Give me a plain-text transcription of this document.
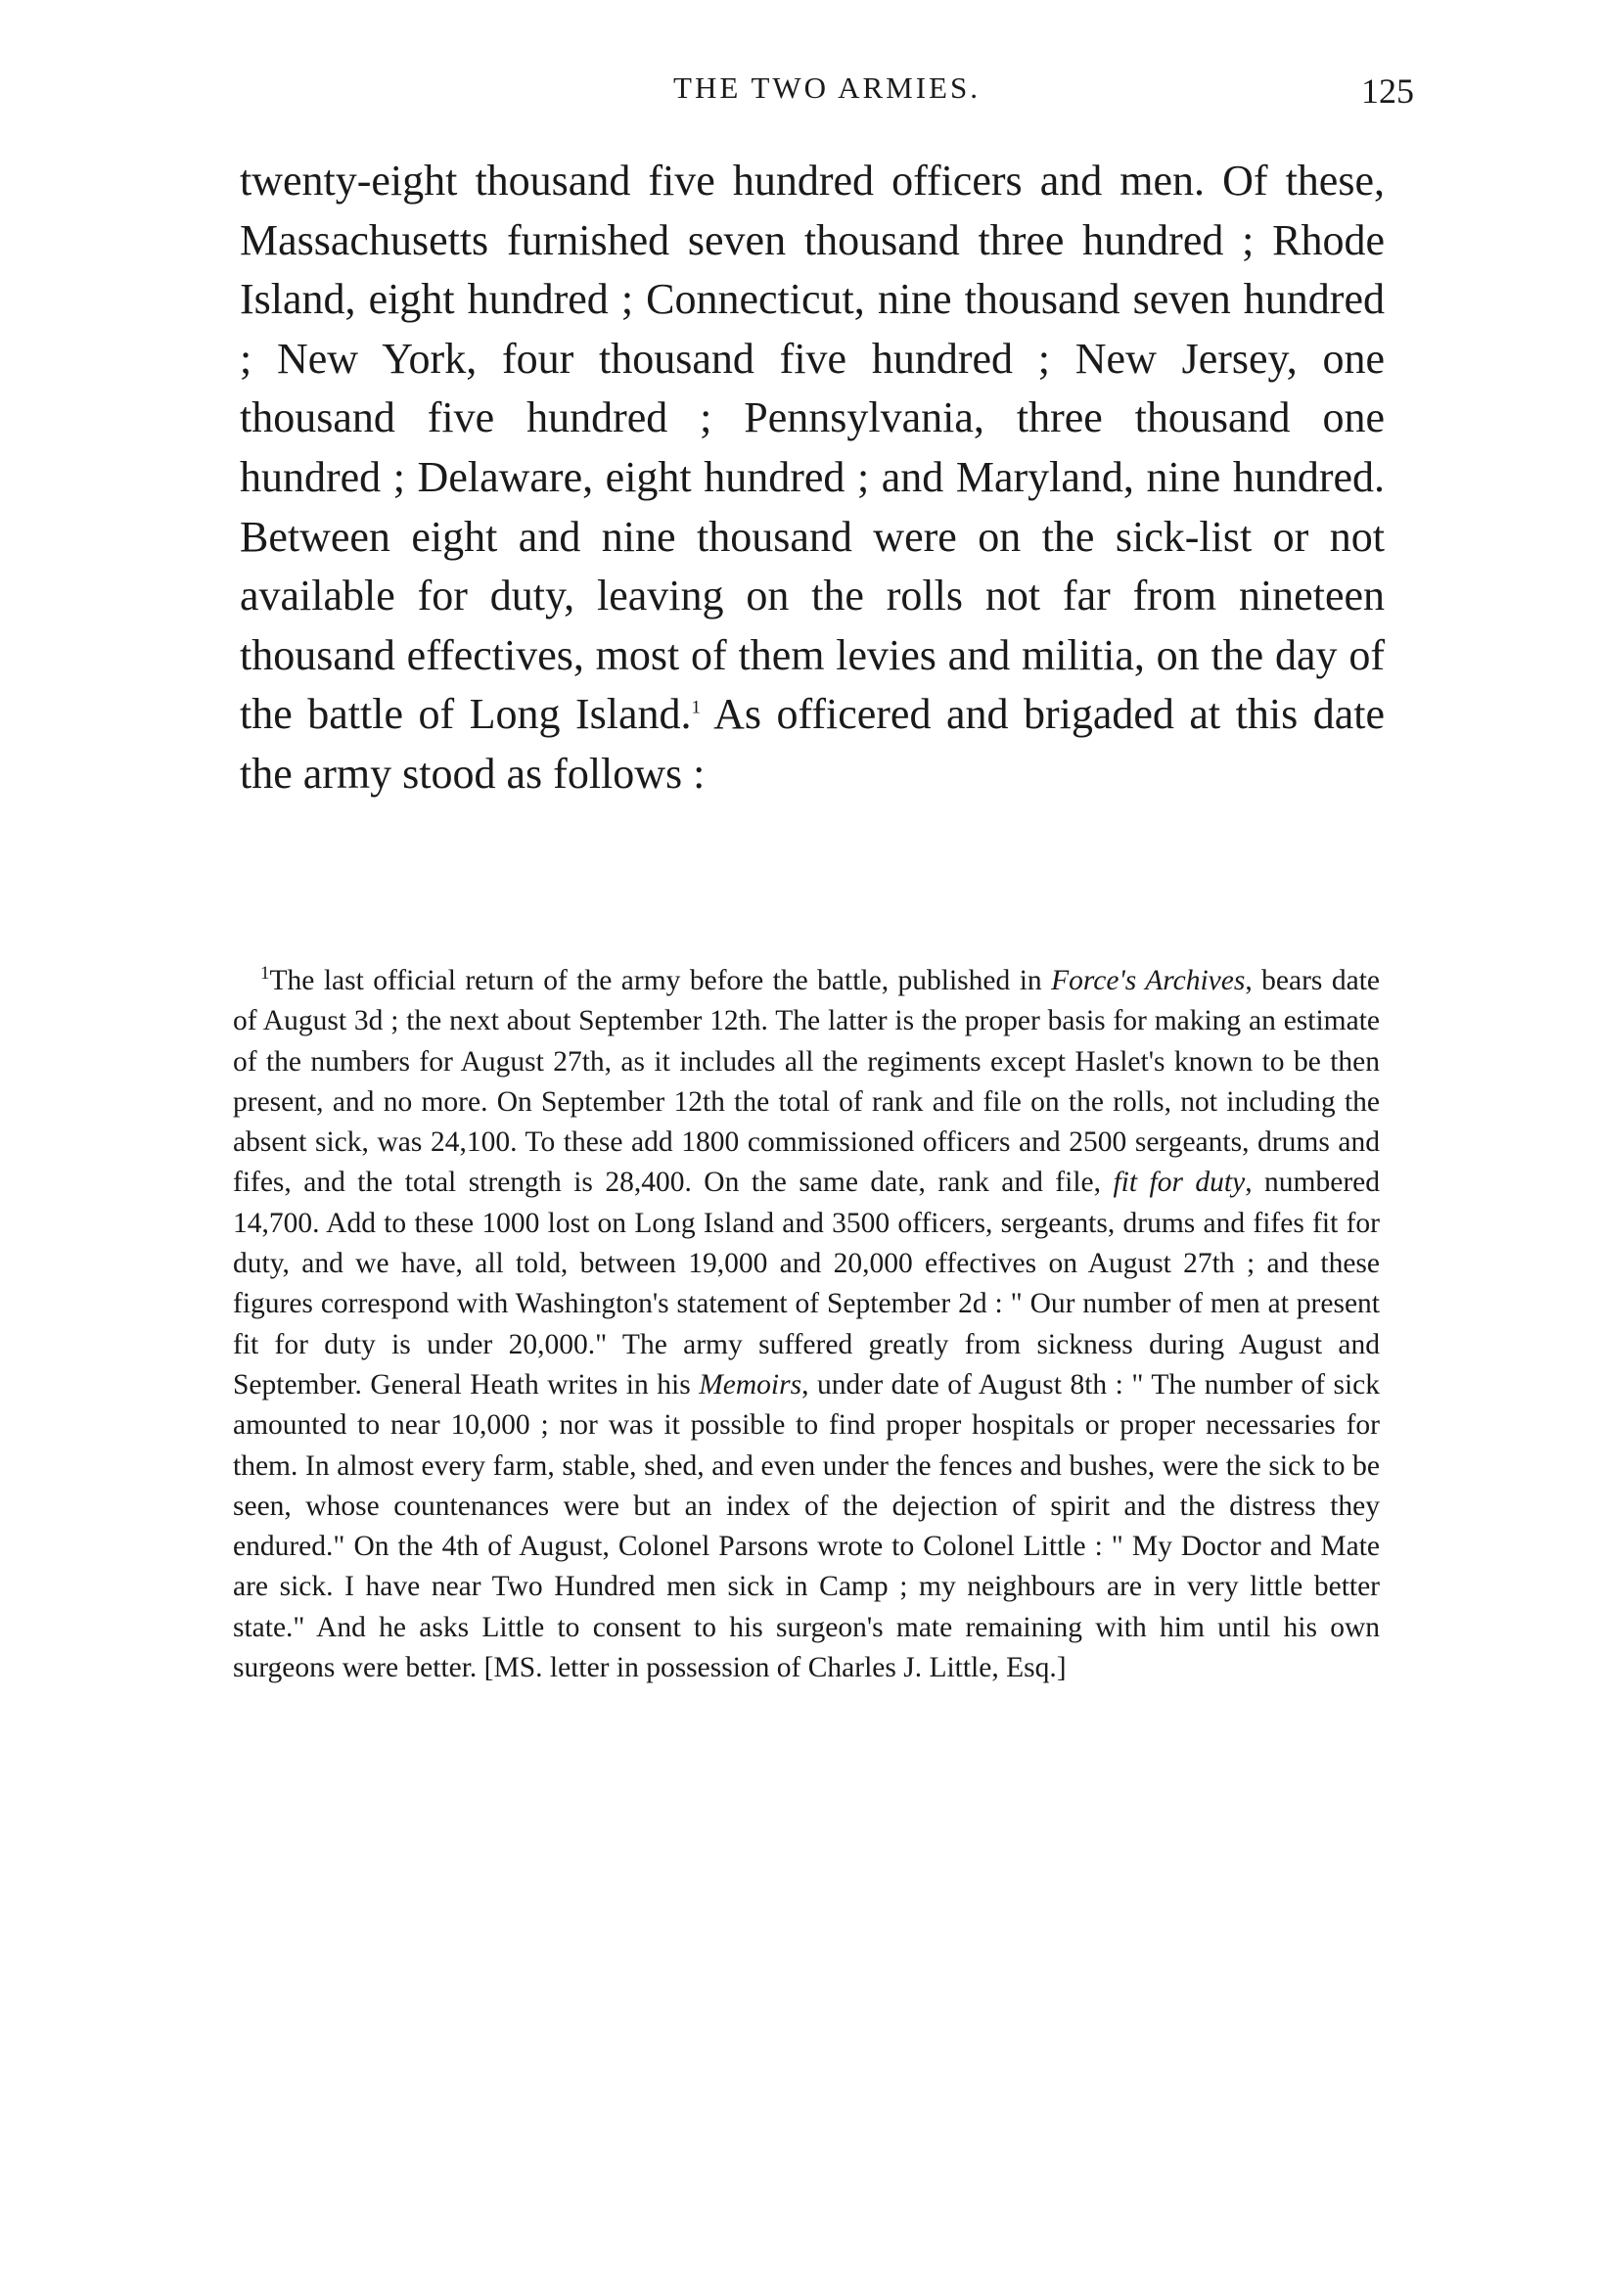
THE TWO ARMIES.	125

twenty-eight thousand five hundred officers and men. Of these, Massachusetts furnished seven thousand three hundred ; Rhode Island, eight hundred ; Connecticut, nine thousand seven hundred ; New York, four thousand five hundred ; New Jersey, one thousand five hundred ; Pennsylvania, three thousand one hundred ; Delaware, eight hundred ; and Maryland, nine hundred. Between eight and nine thousand were on the sick-list or not available for duty, leaving on the rolls not far from nineteen thousand effectives, most of them levies and militia, on the day of the battle of Long Island.$^1$ As officered and brigaded at this date the army stood as follows :

$^1$The last official return of the army before the battle, published in Force's Archives, bears date of August 3d ; the next about September 12th. The latter is the proper basis for making an estimate of the numbers for August 27th, as it includes all the regiments except Haslet's known to be then present, and no more. On September 12th the total of rank and file on the rolls, not including the absent sick, was 24,100. To these add 1800 commissioned officers and 2500 sergeants, drums and fifes, and the total strength is 28,400. On the same date, rank and file, fit for duty, numbered 14,700. Add to these 1000 lost on Long Island and 3500 officers, sergeants, drums and fifes fit for duty, and we have, all told, between 19,000 and 20,000 effectives on August 27th ; and these figures correspond with Washington's statement of September 2d : " Our number of men at present fit for duty is under 20,000." The army suffered greatly from sickness during August and September. General Heath writes in his Memoirs, under date of August 8th : " The number of sick amounted to near 10,000 ; nor was it possible to find proper hospitals or proper necessaries for them. In almost every farm, stable, shed, and even under the fences and bushes, were the sick to be seen, whose countenances were but an index of the dejection of spirit and the distress they endured." On the 4th of August, Colonel Parsons wrote to Colonel Little : " My Doctor and Mate are sick. I have near Two Hundred men sick in Camp ; my neighbours are in very little better state." And he asks Little to consent to his surgeon's mate remaining with him until his own surgeons were better. [MS. letter in possession of Charles J. Little, Esq.]
